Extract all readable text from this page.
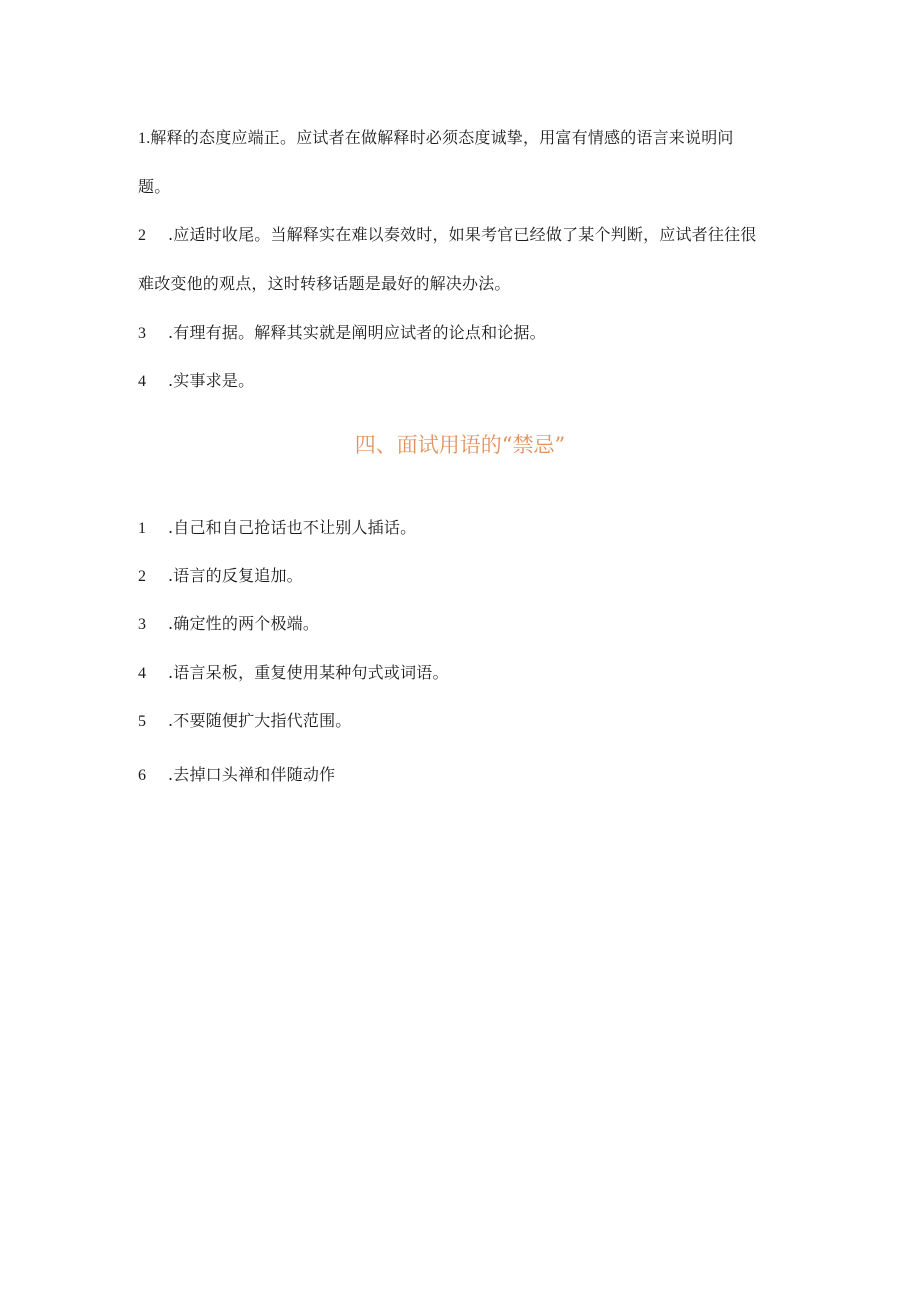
1.解释的态度应端正。应试者在做解释时必须态度诚挚，用富有情感的语言来说明问
题。
2 .应适时收尾。当解释实在难以奏效时，如果考官已经做了某个判断，应试者往往很
难改变他的观点，这时转移话题是最好的解决办法。
3 .有理有据。解释其实就是阐明应试者的论点和论据。
4 .实事求是。
四、面试用语的“禁忌”
1 .自己和自己抢话也不让别人插话。
2 .语言的反复追加。
3 .确定性的两个极端。
4 .语言呆板，重复使用某种句式或词语。
5 .不要随便扩大指代范围。
6 .去掉口头禅和伴随动作
